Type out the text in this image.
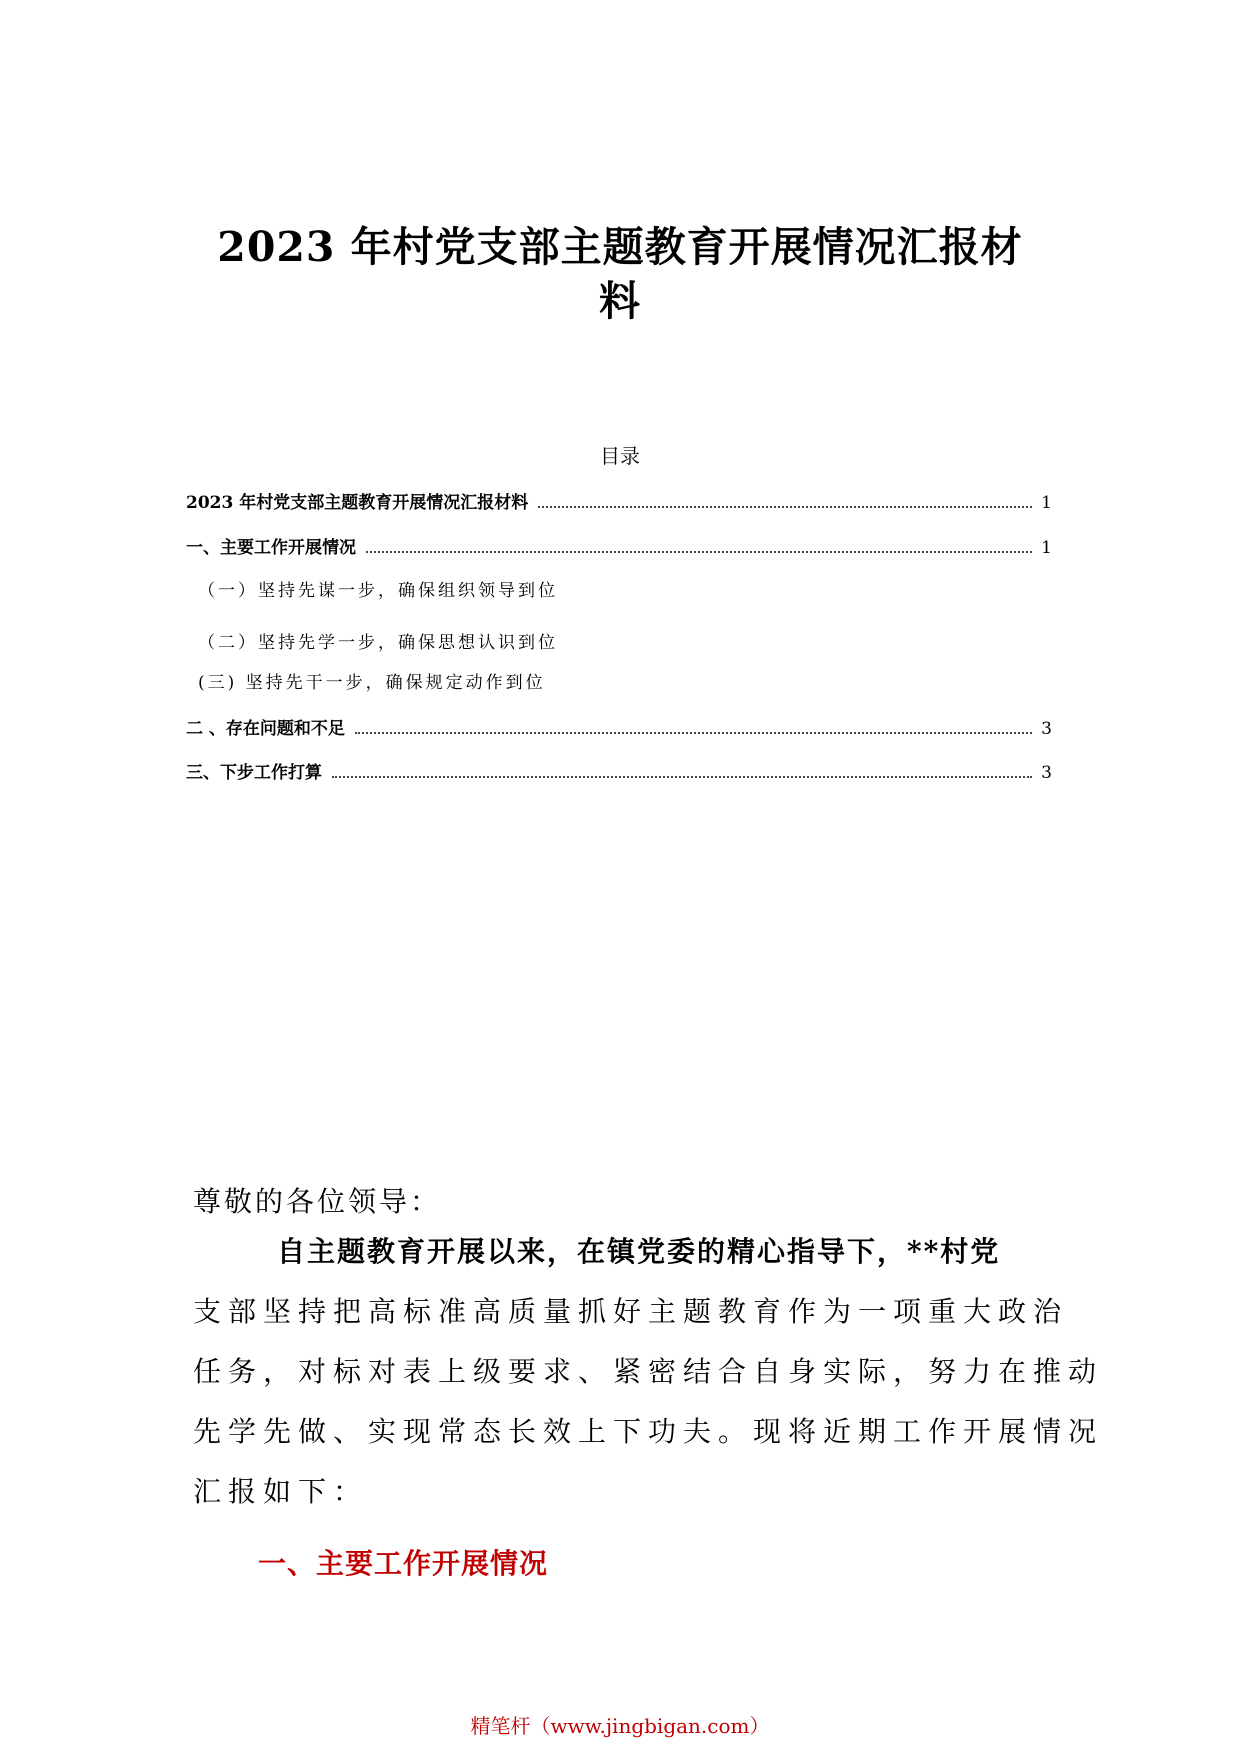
2023 年村党支部主题教育开展情况汇报材
料
目录
2023 年村党支部主题教育开展情况汇报材料	1
一、主要工作开展情况	1
（一）坚持先谋一步，确保组织领导到位
（二）坚持先学一步，确保思想认识到位
(三) 坚持先干一步，确保规定动作到位
二 、存在问题和不足	3
三、下步工作打算	3
尊敬的各位领导：
自主题教育开展以来，在镇党委的精心指导下，**村党
支部坚持把高标准高质量抓好主题教育作为一项重大政治
任务，对标对表上级要求、紧密结合自身实际，努力在推动
先学先做、实现常态长效上下功夫。现将近期工作开展情况
汇报如下：
一、主要工作开展情况
精笔杆（www.jingbigan.com）
